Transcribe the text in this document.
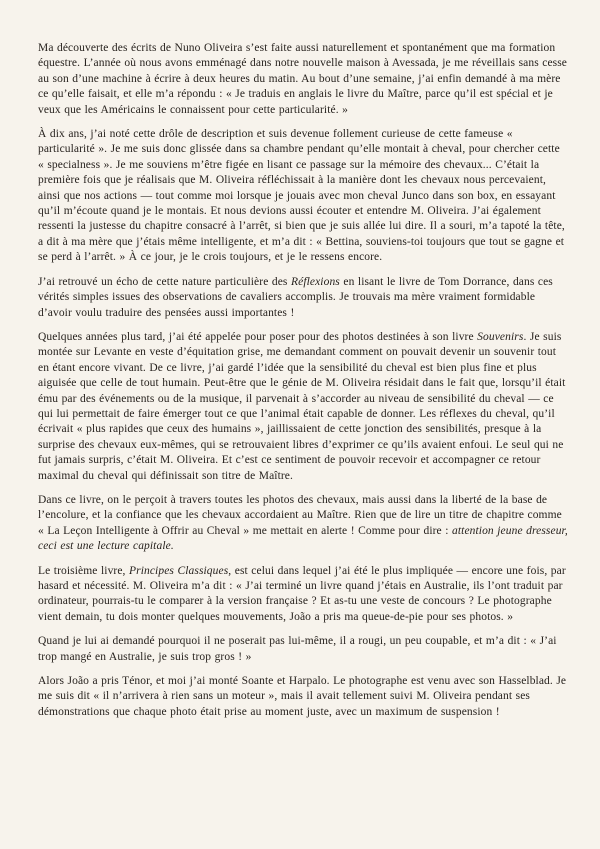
Ma découverte des écrits de Nuno Oliveira s’est faite aussi naturellement et spontanément que ma formation équestre. L’année où nous avons emménagé dans notre nouvelle maison à Avessada, je me réveillais sans cesse au son d’une machine à écrire à deux heures du matin. Au bout d’une semaine, j’ai enfin demandé à ma mère ce qu’elle faisait, et elle m’a répondu : « Je traduis en anglais le livre du Maître, parce qu’il est spécial et je veux que les Américains le connaissent pour cette particularité. »

À dix ans, j’ai noté cette drôle de description et suis devenue follement curieuse de cette fameuse « particularité ». Je me suis donc glissée dans sa chambre pendant qu’elle montait à cheval, pour chercher cette « specialness ». Je me souviens m’être figée en lisant ce passage sur la mémoire des chevaux... C’était la première fois que je réalisais que M. Oliveira réfléchissait à la manière dont les chevaux nous percevaient, ainsi que nos actions — tout comme moi lorsque je jouais avec mon cheval Junco dans son box, en essayant qu’il m’écoute quand je le montais. Et nous devions aussi écouter et entendre M. Oliveira. J’ai également ressenti la justesse du chapitre consacré à l’arrêt, si bien que je suis allée lui dire. Il a souri, m’a tapoté la tête, a dit à ma mère que j’étais même intelligente, et m’a dit : « Bettina, souviens-toi toujours que tout se gagne et se perd à l’arrêt. » À ce jour, je le crois toujours, et je le ressens encore.

J’ai retrouvé un écho de cette nature particulière des Réflexions en lisant le livre de Tom Dorrance, dans ces vérités simples issues des observations de cavaliers accomplis. Je trouvais ma mère vraiment formidable d’avoir voulu traduire des pensées aussi importantes !

Quelques années plus tard, j’ai été appelée pour poser pour des photos destinées à son livre Souvenirs. Je suis montée sur Levante en veste d’équitation grise, me demandant comment on pouvait devenir un souvenir tout en étant encore vivant. De ce livre, j’ai gardé l’idée que la sensibilité du cheval est bien plus fine et plus aiguisée que celle de tout humain. Peut-être que le génie de M. Oliveira résidait dans le fait que, lorsqu’il était ému par des événements ou de la musique, il parvenait à s’accorder au niveau de sensibilité du cheval — ce qui lui permettait de faire émerger tout ce que l’animal était capable de donner. Les réflexes du cheval, qu’il écrivait « plus rapides que ceux des humains », jaillissaient de cette jonction des sensibilités, presque à la surprise des chevaux eux-mêmes, qui se retrouvaient libres d’exprimer ce qu’ils avaient enfoui. Le seul qui ne fut jamais surpris, c’était M. Oliveira. Et c’est ce sentiment de pouvoir recevoir et accompagner ce retour maximal du cheval qui définissait son titre de Maître.

Dans ce livre, on le perçoit à travers toutes les photos des chevaux, mais aussi dans la liberté de la base de l’encolure, et la confiance que les chevaux accordaient au Maître. Rien que de lire un titre de chapitre comme « La Leçon Intelligente à Offrir au Cheval » me mettait en alerte ! Comme pour dire : attention jeune dresseur, ceci est une lecture capitale.

Le troisième livre, Principes Classiques, est celui dans lequel j’ai été le plus impliquée — encore une fois, par hasard et nécessité. M. Oliveira m’a dit : « J’ai terminé un livre quand j’étais en Australie, ils l’ont traduit par ordinateur, pourrais-tu le comparer à la version française ? Et as-tu une veste de concours ? Le photographe vient demain, tu dois monter quelques mouvements, João a pris ma queue-de-pie pour ses photos. »

Quand je lui ai demandé pourquoi il ne poserait pas lui-même, il a rougi, un peu coupable, et m’a dit : « J’ai trop mangé en Australie, je suis trop gros ! »

Alors João a pris Ténor, et moi j’ai monté Soante et Harpalo. Le photographe est venu avec son Hasselblad. Je me suis dit « il n’arrivera à rien sans un moteur », mais il avait tellement suivi M. Oliveira pendant ses démonstrations que chaque photo était prise au moment juste, avec un maximum de suspension !
